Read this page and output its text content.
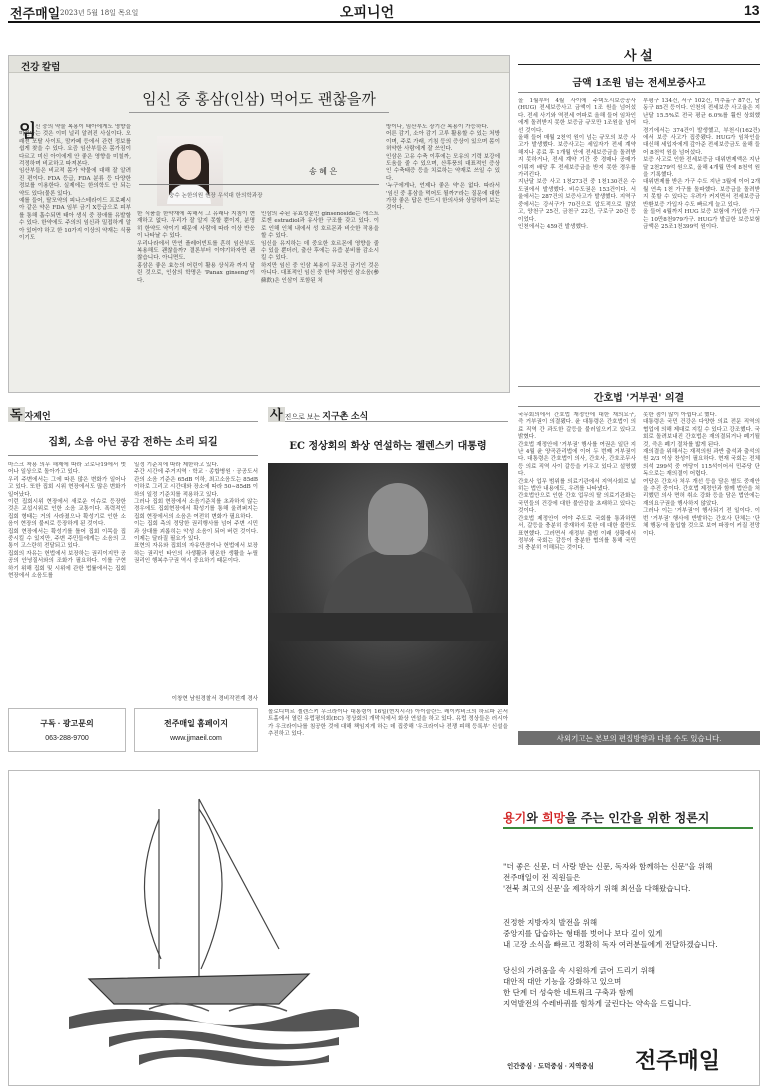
전주매일 2023년 5월 18일 목요일	오피니언	13
건강 칼럼
임신 중 홍삼(인삼) 먹어도 괜찮을까
임
신 중의 약물 복용이 태아에게도 영향을 미친다는 것은 이미 널리 알려진 사실이다. 오래전 포탈 사이트, 맘카페 등에서 관련 정보를 쉽게 찾을 수 있다. 요즘 임산부들은 몸가짐이 다르고 미신 아이에게 안 좋은 영향을 미칠까, 걱정하며 비교하고 따져본다.
임산부들은 비교적 몸가 약물에 대해 잘 알려진 편이다. FDA 등급, FDA 분류 등 다양한 정보를 이용한다. 실제에는 한의학도 안 되는 약도 있다(물론 있다).
예를 들어, 탈모약의 피나스테라이드 프로페시아 같은 약은 FDA 임부 금기 X등급으로 피부를 통해 흡수되면 태아 생식 중 장애를 유발할 수 있다. 한약에도 주의의 임신과 밀접하게 알아 있어야 하고 한 10가지 이상의 약재는 식품이기도
송 혜 은
숭수 논한의원 원장 우석대 한의학과장
한 식품을 한약재에 속해서 그 유래나 지침이 현재하고 없다. 우리가 잘 알지 못할 뿐이지, 분명히 한약도 약이기 때문에 사람에 따라 이상 반응이 나타날 수 있다.
우리나라에서 만연 플레어빈트를 흔히 임산부도 복용해도 괜찮을까? 결론부터 이야기하자면 괜찮습니다. 아니면도.
홍삼은 좋은 효능의 어린이 활용 상식과 까지 달린 것으로, 인삼의 학명은 'Panax ginseng'이다.
인삼의 주된 유효성분인 ginsenoside는 에스트로겐 estradiol과 유사한 구조를 갖고 있다. 이로 인해 인체 내에서 성 호르몬과 비슷한 작용을 할 수 있다.
임신을 유지하는 데 중요한 호르몬에 영향을 줄 수 있을 뿐더러, 출산 후에는 유즙 분비를 감소시킬 수 있다.
하지만 임신 중 인삼 복용이 무조건 금기인 것은 아니다. 대표적인 임신 중 한약 처방인 삼소음(參蘇飮)은 인삼이 포함된 처
방이나, 임산부도 장기간 복용이 가능하다.
어른 감기, 소아 감기 고루 활용할 수 있는 처방이며, 주로 가래, 기침 등의 증상이 있으며 몸이 허약한 사람에게 잘 쓰인다.
인삼은 고유 수축 이후에는 모유의 기력 보강에 도움을 줄 수 있으며, 산후풍의 대표적인 증상인 수축태증 등을 치료하는 약재로 쓰일 수 있다.
'누구에게나, 언제나 좋은 약'은 없다. 따라서 '임신 중 홍삼을 먹어도 될까?'라는 질문에 대한 가장 좋은 답은 반드시 한의사와 상담하여 보는 것이다.
사 설
금액 1조원 넘는 전세보증사고
올 1월부터 4월 사이에 주택도시보증공사(HUG) 전세보증사고 금액이 1조 원을 넘어섰다. 전세 사기와 역전세 여파로 올해 들어 임차인에게 돌려받지 못한 보증금 규모만 1조원을 넘어선 것이다.
올해 들어 매월 2천억 원이 넘는 규모의 보증 사고가 발생했다. 보증사고는 세입자가 전세 계약해지나 종료 후 1개월 안에 전세보증금을 돌려받지 못하거나, 전세 계약 기간 중 경매나 공매가 이뤄져 배당 후 전세보증금을 받지 못한 경우를 가리킨다.
지난달 보증 사고 1천273건 중 1천130건은 수도권에서 발생했다. 비수도권은 153건이다. 서울에서는 287건의 보증사고가 발생했다. 지역구 중에서는 강서구가 70건으로 압도적으로 많았고, 양천구 25건, 금천구 22건, 구로구 20건 등이었다.
인천에서는 459건 발생했다.
부평구 134건, 서구 102건, 미추홀구 87건, 남동구 85건 등이다. 인천의 전세보증 사고율은 지난달 15.5%로 전국 평균 6.0%를 훨씬 상회했다.
경기에서는 374건이 발생했고, 부천시(162건)에서 보증 사고가 집중됐다. HUG가 임차인을 대신해 세입자에게 갚아준 전세보증금도 올해 들어 8천억 원을 넘어섰다.
보증 사고로 인한 전세보증금 대위변제액은 지난달 2천279억 원으로, 올해 4개월 만에 8천억 원을 기록했다.
대위변제를 받은 가구 수도 지난 3월에 이어 2개월 연속 1천 가구를 돌파했다. 보증금을 돌려받지 못할 수 있다는 우려가 커지면서 전세보증금 반환보증 가입자 수도 빠르게 늘고 있다.
올 들어 4월까지 HUG 보증 보험에 가입한 가구는 10만8천979가구. HUG가 발급한 보증보험 금액은 25조1천399억 원이다.
간호법 '거부권' 의결
국무회의에서 간호법 재정안에 대한 재의요구, 즉 거부권이 의결됐다. 윤 대통령은 간호법이 의료 직역 간 과도한 갈등을 불러일으키고 있다고 밝혔다.
간호법 재정안에 '거부권' 행사를 여권은 일단 지난 4월 윤 양곡관리법에 이어 두 번째 거부권이다. 대통령은 간호법이 의사, 간호사, 간호조무사 등 의료 직역 사이 갈등을 키우고 있다고 설명했다.
간호사 업무 범위를 의료기관에서 지역사회로 넓히는 법안 내용에도, 우려를 나타냈다.
간호법안으로 인한 간호 업무의 탈 의료기관화는 국민들의 건강에 대한 불안감을 초래하고 있다는 것이다.
간호법 제정안이 여야 주도로 국회를 통과하면서, 갈등을 충분히 중재하지 못한 데 대한 불만도 표현했다. 그러면서 새정부 출범 이래 상황에서 정부와 국회는 갈등이 충분한 협의를 통해 국민의 충분히 이해되는 것이다.
못한 점이 많이 아쉽다고 했다.
대통령은 국민 건강은 다양한 의료 전문 직역의 협업에 의해 제대로 지킬 수 있다고 강조했다. 국회로 돌려보내진 간호법은 재의결되거나 폐기될 것, 즉은 폐기 절차를 밟게 된다.
재의결을 위해서는 재적의원 과반 출석과 출석의원 2/3 이상 찬성이 필요하다. 현재 국회는 전체 의석 299석 중 여당이 115석이어서 민주당 단독으로는 재의결이 어렵다.
여당은 간호사 처우 개선 등을 담은 별도 중재안을 추진 중이다. 간호법 제정안과 함께 법안을 처리했던 의사 면허 취소 강화 등을 담은 법안에는 재의요구권을 행사하지 않았다.
그러나 이는 '거부권'이 행사되기 전 일이다. 이번 '거부권' 행사에 반발하는 간호사 단체는 '단체 행동'에 돌입할 것으로 보여 파장이 커질 전망이다.
독 자제언
집회, 소음 아닌 공감 전하는 소리 되길
마스크 착용 의무 해제에 따라 코로나19에서 벗어나 일상으로 돌아가고 있다.
우리 주변에서는 그에 따른 많은 변화가 일어나고 있다. 또한 집회 시위 현장에서도 많은 변화가 일어났다.
이런 집회시위 현장에서 새로운 이슈로 등장한 것은 교섭시위로 인한 소음 교통이다. 폭력적인 집회 형태는 거의 사라졌으나 확성기로 인한 소음이 현장의 불씨로 등장하게 된 것이다.
집회 현장에서는 확성기를 틀어 집회 이목을 집중시킬 수 있지만, 주변 주민들에게는 소음의 고통이 고스란히 전달되고 있다.
집회의 자유는 헌법에서 보장하는 권리이지만 공공의 안녕질서와의 조화가 필요하다. 이를 구현하기 위해 집회 및 시위에 관한 법률에서는 집회 현장에서 소음도를
일정 기준치에 따라 제한하고 있다.
주간 시간에 주거지역 · 학교 · 종합병원 · 공공도서관의 소음 기준은 65dB 이하, 최고소음도는 85dB 이하로 그리고 시간대와 장소에 따라 50∼85dB 이하의 일정 기준치를 적용하고 있다.
그러나 집회 현장에서 소음기준치를 초과하지 않는 경우에도 집회현장에서 확성기를 통해 울려퍼지는 집회 현장에서의 소음은 여전히 변화가 필요하다.
이는 집회 측의 정당한 권리행사를 넘어 주변 시민과 상대를 괴롭히는 악성 소음이 되어 버린 것이다. 이제는 달라질 필요가 있다.
표현의 자유와 집회의 자유만큼이나 헌법에서 보장하는 권리인 타인의 사생활과 평온한 생활을 누릴 권리인 행복추구권 역시 중요하기 때문이다.
이창현 남원경찰서 경비작전계 경사
사 진으로 보는 지구촌 소식
EC 정상회의 화상 연설하는 젤렌스키 대통령
볼로디미르 젤렌스키 우크라이나 대통령이 16일(현지시각) 아이슬란드 레이캬비크의 하르파 콘서트홀에서 열린 유럽평의회(EC) 정상회의 개막식에서 화상 연설을 하고 있다. 유럽 정상들은 러시아가 우크라이나를 침공한 것에 대해 책임지게 하는 데 집중해 '우크라이나 전쟁 피해 등록부' 신설을 추진하고 있다.
구독 · 광고문의
063-288-9700
전주매일 홈페이지
www.jjmaeil.com	사외기고는 본보의 편집방향과 다를 수도 있습니다.
용기와 희망을 주는 인간을 위한 정론지
"더 좋은 신문, 더 사랑 받는 신문, 독자와 함께하는 신문"을 위해
전주매일이 전 직원들은
'전북 최고의 신문'을 제작하기 위해 최선을 다해왔습니다.
진정한 지방자치 발전을 위해
중앙지를 답습하는 형태를 벗어나 보다 깊이 있게
내 고장 소식을 빠르고 정확히 독자 여러분들에게 전달하겠습니다.
당신의 가려움을 속 시원하게 긁어 드리기 위해
대안적 대안 기능을 강화하고 있으며
한 단계 더 성숙한 네트워크 구축과 함께
지역발전의 수레바퀴를 힘차게 굴린다는 약속을 드립니다.
인간중심 · 도덕중심 · 지역중심 전주매일
